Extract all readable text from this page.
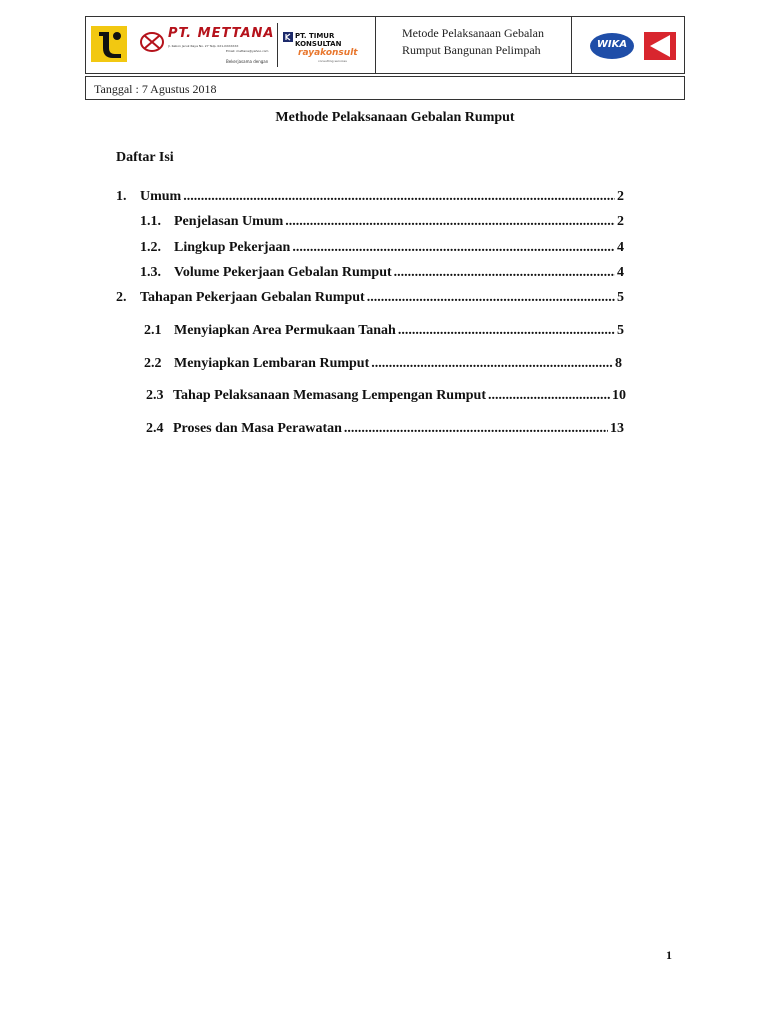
PT. METTANA
Jl. Kebon Jeruk Raya No. 27 Telp. 021-XXXXXXX
Email: mettana@yahoo.com
Bekerjasama dengan
PT. TIMUR KONSULTAN
rayakonsult
consulting services
Metode Pelaksanaan Gebalan
Rumput Bangunan Pelimpah	WIKA
Tanggal : 7 Agustus 2018
Methode Pelaksanaan Gebalan Rumput
Daftar Isi
1. Umum .....	2
1.1. Penjelasan Umum .....	2
1.2. Lingkup Pekerjaan .....	4
1.3. Volume Pekerjaan Gebalan Rumput .....	4
2. Tahapan Pekerjaan Gebalan Rumput .....	5
2.1 Menyiapkan Area Permukaan Tanah .....	5
2.2 Menyiapkan Lembaran Rumput .....	8
2.3 Tahap Pelaksanaan Memasang Lempengan Rumput .....	10
2.4 Proses dan Masa Perawatan .....	13
1
